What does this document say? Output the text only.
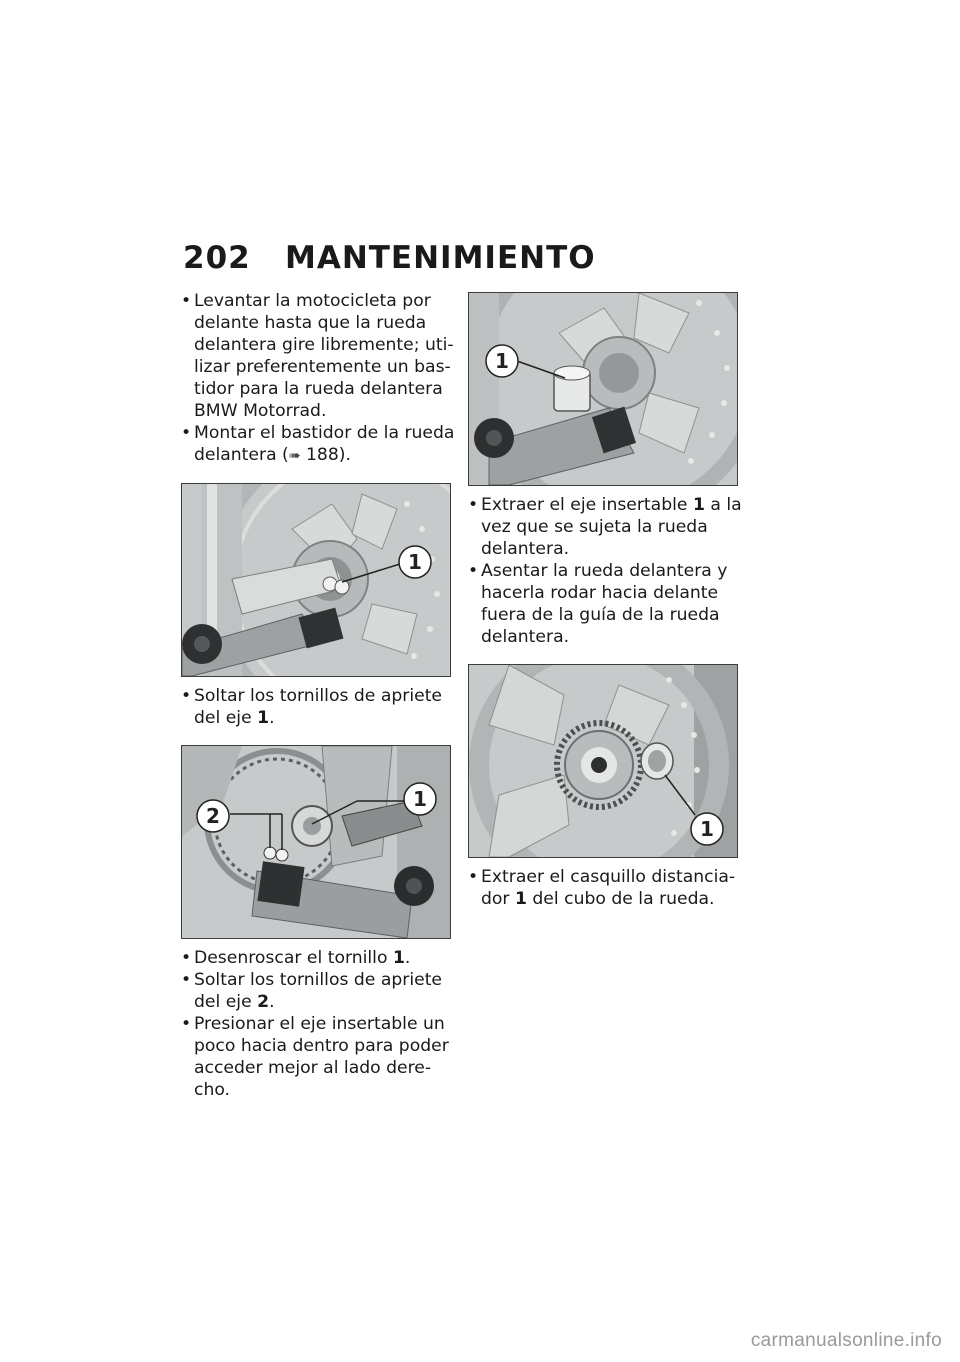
202 MANTENIMIENTO

• Levantar la motocicleta por delante hasta que la rueda delantera gire libremente; uti-lizar preferentemente un bas-tidor para la rueda delantera BMW Motorrad.

• Montar el bastidor de la rueda delantera (➠ 188).

1

• Soltar los tornillos de apriete del eje 1.

1
2

• Desenroscar el tornillo 1.

• Soltar los tornillos de apriete del eje 2.

• Presionar el eje insertable un poco hacia dentro para poder acceder mejor al lado dere-cho.

1

• Extraer el eje insertable 1 a la vez que se sujeta la rueda delantera.

• Asentar la rueda delantera y hacerla rodar hacia delante fuera de la guía de la rueda delantera.

1

• Extraer el casquillo distancia-dor 1 del cubo de la rueda.

carmanualsonline.info
